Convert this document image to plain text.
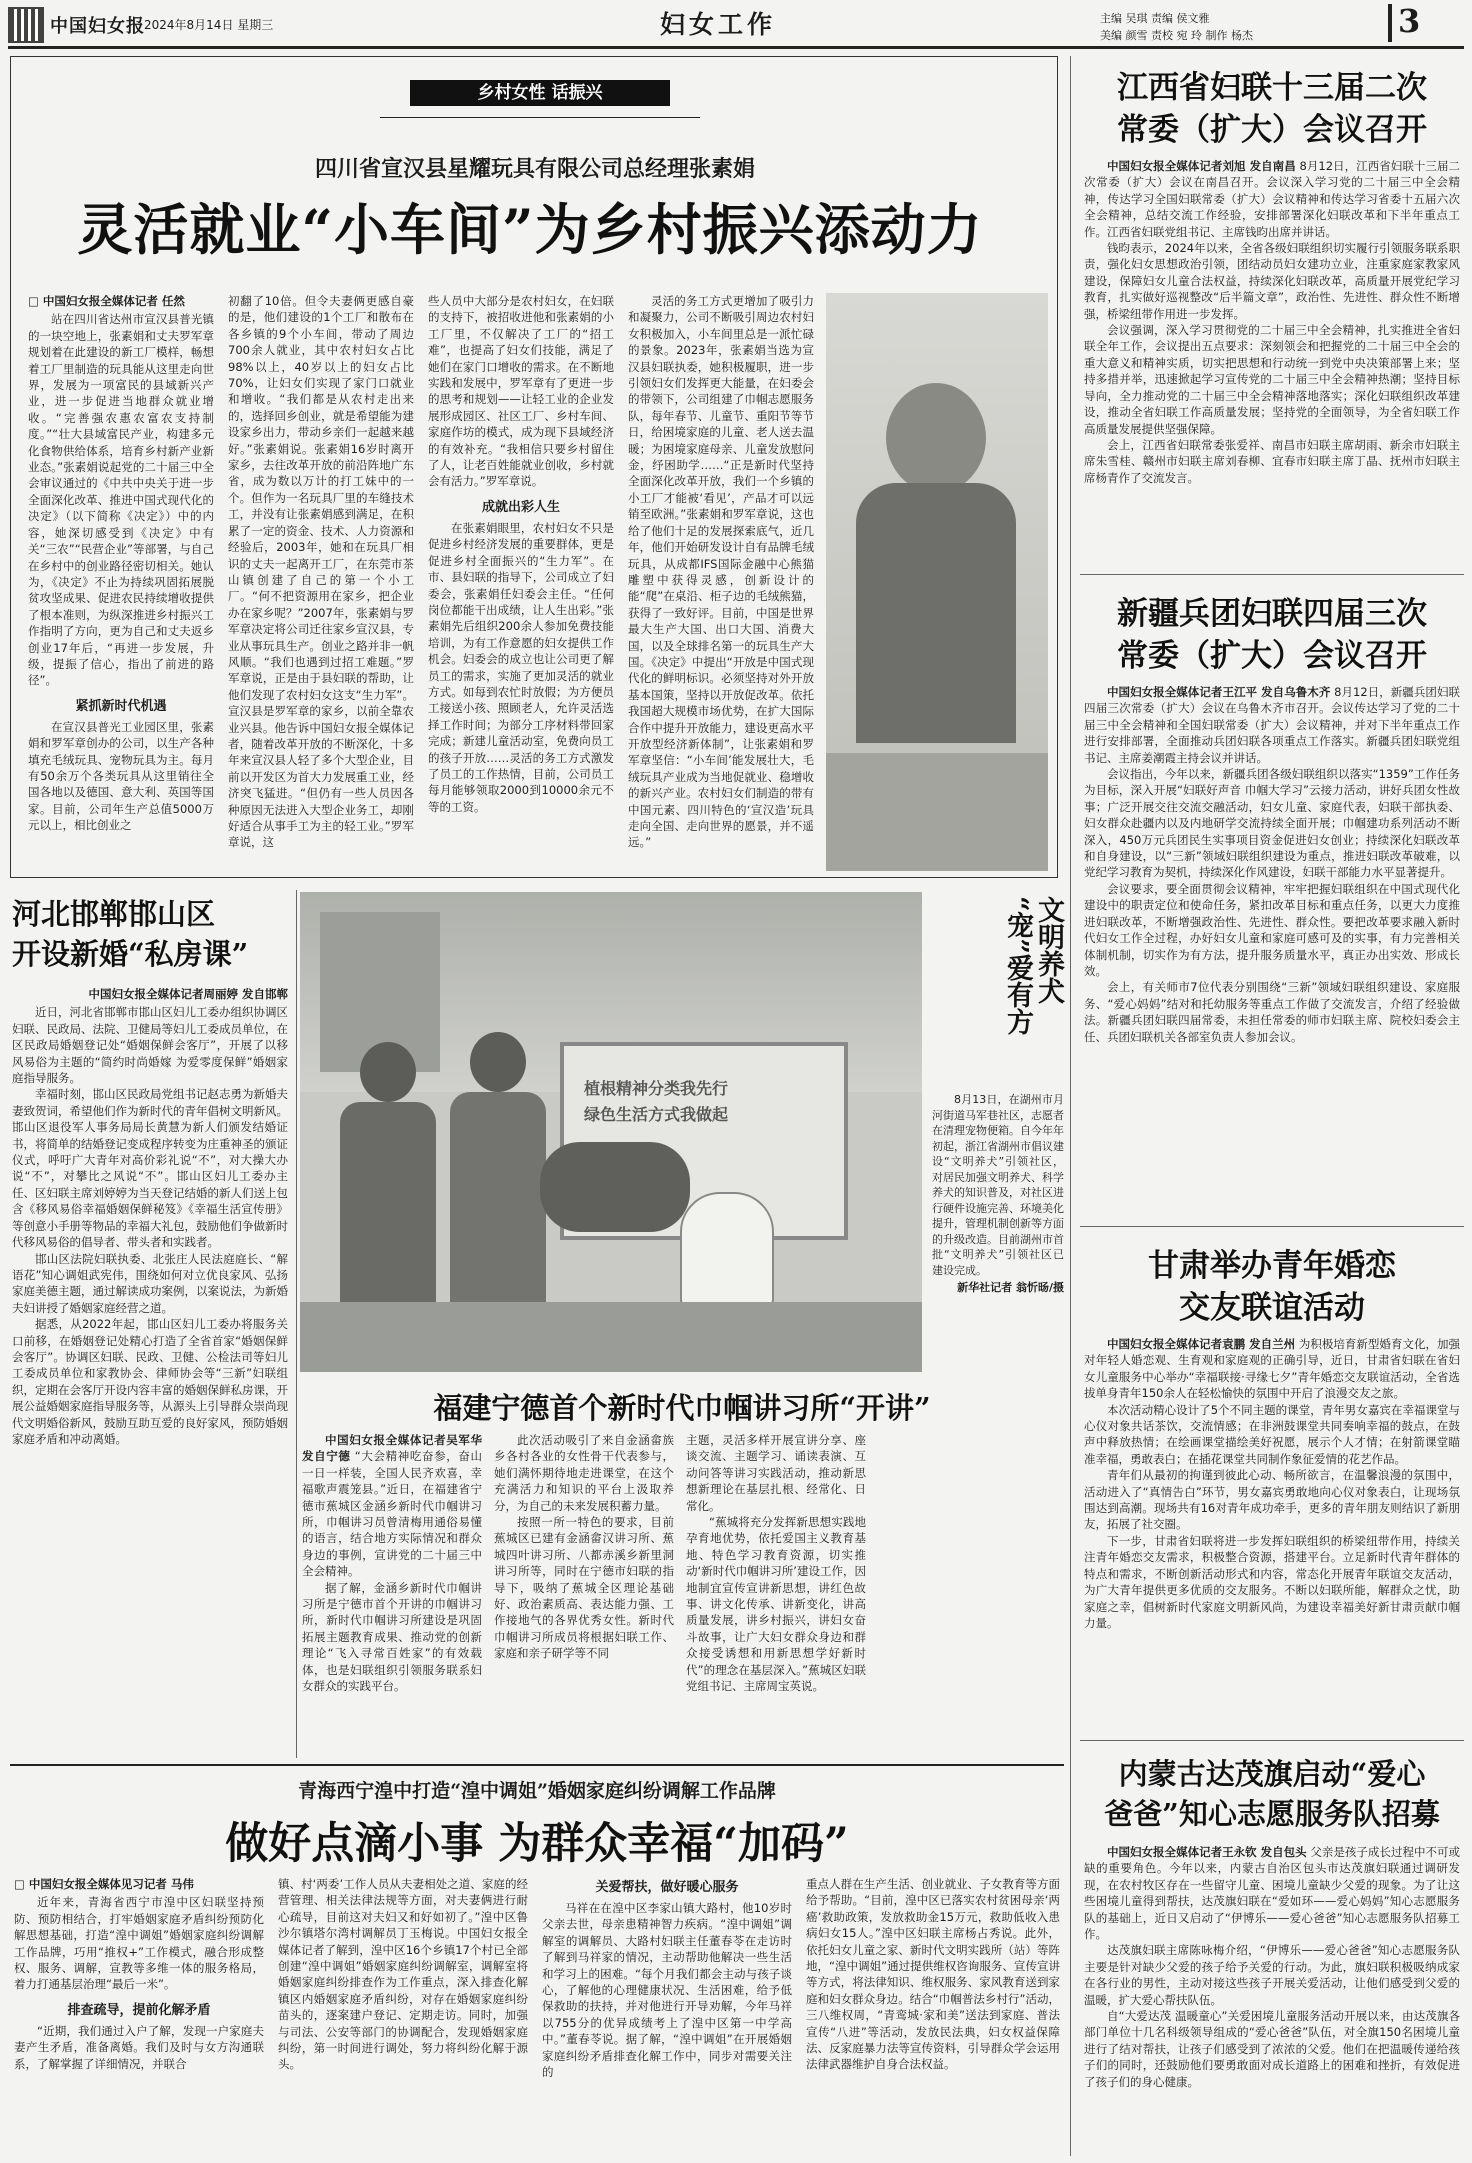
中国妇女报 2024年8月14日 星期三	妇女工作	主编 吴琪 责编 侯文雅
美编 颜雪 责校 宛 玲 制作 杨杰	3
乡村女性 话振兴
四川省宣汉县星耀玩具有限公司总经理张素娟
灵活就业“小车间”为乡村振兴添动力

□ 中国妇女报全媒体记者 任然

站在四川省达州市宣汉县普光镇的一块空地上，张素娟和丈夫罗军章规划着在此建设的新工厂模样，畅想着工厂里制造的玩具能从这里走向世界，发展为一项富民的县域新兴产业，进一步促进当地群众就业增收。“完善强农惠农富农支持制度。”“壮大县域富民产业，构建多元化食物供给体系，培育乡村新产业新业态。”张素娟说起党的二十届三中全会审议通过的《中共中央关于进一步全面深化改革、推进中国式现代化的决定》（以下简称《决定》）中的内容，她深切感受到《决定》中有关“三农”“民营企业”等部署，与自己在乡村中的创业路径密切相关。她认为，《决定》不止为持续巩固拓展脱贫攻坚成果、促进农民持续增收提供了根本准则，为纵深推进乡村振兴工作指明了方向，更为自己和丈夫返乡创业17年后，“再进一步发展，升级，提振了信心，指出了前进的路径”。

紧抓新时代机遇

在宣汉县普光工业园区里，张素娟和罗军章创办的公司，以生产各种填充毛绒玩具、宠物玩具为主。每月有50余万个各类玩具从这里销往全国各地以及德国、意大利、英国等国家。目前，公司年生产总值5000万元以上，相比创业之

初翻了10倍。但令夫妻俩更感自豪的是，他们建设的1个工厂和散布在各乡镇的9个小车间，带动了周边700余人就业，其中农村妇女占比98%以上，40岁以上的妇女占比70%，让妇女们实现了家门口就业和增收。“我们都是从农村走出来的，选择回乡创业，就是希望能为建设家乡出力，带动乡亲们一起越来越好。”张素娟说。张素娟16岁时离开家乡，去往改革开放的前沿阵地广东省，成为数以万计的打工妹中的一个。但作为一名玩具厂里的车缝技术工，并没有让张素娟感到满足，在积累了一定的资金、技术、人力资源和经验后，2003年，她和在玩具厂相识的丈夫一起离开工厂，在东莞市茶山镇创建了自己的第一个小工厂。“何不把资源用在家乡，把企业办在家乡呢？”2007年，张素娟与罗军章决定将公司迁往家乡宣汉县，专业从事玩具生产。创业之路并非一帆风顺。“我们也遇到过招工难题。”罗军章说，正是由于县妇联的帮助，让他们发现了农村妇女这支“生力军”。宣汉县是罗军章的家乡，以前全靠农业兴县。他告诉中国妇女报全媒体记者，随着改革开放的不断深化，十多年来宣汉县人轻了多个大型企业，目前以开发区为首大力发展重工业，经济突飞猛进。“但仍有一些人员因各种原因无法进入大型企业务工，却刚好适合从事手工为主的轻工业。”罗军章说，这

些人员中大部分是农村妇女，在妇联的支持下，被招收进他和张素娟的小工厂里，不仅解决了工厂的“招工难”，也提高了妇女们技能，满足了她们在家门口增收的需求。在不断地实践和发展中，罗军章有了更进一步的思考和规划——让轻工业的企业发展形成园区、社区工厂、乡村车间、家庭作坊的模式，成为现下县域经济的有效补充。“我相信只要乡村留住了人，让老百姓能就业创收，乡村就会有活力。”罗军章说。

成就出彩人生

在张素娟眼里，农村妇女不只是促进乡村经济发展的重要群体，更是促进乡村全面振兴的“生力军”。在市、县妇联的指导下，公司成立了妇委会，张素娟任妇委会主任。“任何岗位都能干出成绩，让人生出彩。”张素娟先后组织200余人参加免费技能培训，为有工作意愿的妇女提供工作机会。妇委会的成立也让公司更了解员工的需求，实施了更加灵活的就业方式。如每到农忙时放假；为方便员工接送小孩、照顾老人，允许灵活选择工作时间；为部分工序材料带回家完成；新建儿童活动室，免费向员工的孩子开放……灵活的务工方式激发了员工的工作热情，目前，公司员工每月能够领取2000到10000余元不等的工资。

灵活的务工方式更增加了吸引力和凝聚力，公司不断吸引周边农村妇女积极加入，小车间里总是一派忙碌的景象。2023年，张素娟当选为宣汉县妇联执委，她积极履职，进一步引领妇女们发挥更大能量，在妇委会的带领下，公司组建了巾帼志愿服务队，每年春节、儿童节、重阳节等节日，给困境家庭的儿童、老人送去温暖；为困境家庭母亲、儿童发放慰问金，纾困助学……“正是新时代坚持全面深化改革开放，我们一个乡镇的小工厂才能被‘看见’，产品才可以远销至欧洲。”张素娟和罗军章说，这也给了他们十足的发展探索底气，近几年，他们开始研发设计自有品牌毛绒玩具，从成都IFS国际金融中心熊猫雕塑中获得灵感，创新设计的能“爬”在桌沿、柜子边的毛绒熊猫，获得了一致好评。目前，中国是世界最大生产大国、出口大国、消费大国，以及全球排名第一的玩具生产大国。《决定》中提出“开放是中国式现代化的鲜明标识。必须坚持对外开放基本国策，坚持以开放促改革。依托我国超大规模市场优势，在扩大国际合作中提升开放能力，建设更高水平开放型经济新体制”，让张素娟和罗军章坚信：“小车间’能发展壮大，毛绒玩具产业成为当地促就业、稳增收的新兴产业。农村妇女们制造的带有中国元素、四川特色的‘宣汉造’玩具走向全国、走向世界的愿景，并不遥远。”

江西省妇联十三届二次
常委（扩大）会议召开

中国妇女报全媒体记者刘旭 发自南昌 8月12日，江西省妇联十三届二次常委（扩大）会议在南昌召开。会议深入学习党的二十届三中全会精神，传达学习全国妇联常委（扩大）会议精神和传达学习省委十五届六次全会精神，总结交流工作经验，安排部署深化妇联改革和下半年重点工作。江西省妇联党组书记、主席钱昀出席并讲话。

钱昀表示，2024年以来，全省各级妇联组织切实履行引领服务联系职责，强化妇女思想政治引领，团结动员妇女建功立业，注重家庭家教家风建设，保障妇女儿童合法权益，持续深化妇联改革，高质量开展党纪学习教育，扎实做好巡视整改“后半篇文章”，政治性、先进性、群众性不断增强，桥梁纽带作用进一步发挥。

会议强调，深入学习贯彻党的二十届三中全会精神，扎实推进全省妇联全年工作，会议提出五点要求：深刻领会和把握党的二十届三中全会的重大意义和精神实质，切实把思想和行动统一到党中央决策部署上来；坚持多措并举，迅速掀起学习宣传党的二十届三中全会精神热潮；坚持目标导向，全力推动党的二十届三中全会精神落地落实；深化妇联组织改革建设，推动全省妇联工作高质量发展；坚持党的全面领导，为全省妇联工作高质量发展提供坚强保障。

会上，江西省妇联常委张爱祥、南昌市妇联主席胡雨、新余市妇联主席朱雪桂、赣州市妇联主席刘春柳、宜春市妇联主席丁晶、抚州市妇联主席杨青作了交流发言。

新疆兵团妇联四届三次
常委（扩大）会议召开

中国妇女报全媒体记者王江平 发自乌鲁木齐 8月12日，新疆兵团妇联四届三次常委（扩大）会议在乌鲁木齐市召开。会议传达学习了党的二十届三中全会精神和全国妇联常委（扩大）会议精神，并对下半年重点工作进行安排部署，全面推动兵团妇联各项重点工作落实。新疆兵团妇联党组书记、主席姜潮霞主持会议并讲话。

会议指出，今年以来，新疆兵团各级妇联组织以落实“1359”工作任务为目标，深入开展“妇联好声音 巾帼大学习”云接力活动，讲好兵团女性故事；广泛开展交往交流交融活动，妇女儿童、家庭代表，妇联干部执委、妇女群众赴疆内以及内地研学交流持续全面开展；巾帼建功系列活动不断深入，450万元兵团民生实事项目资金促进妇女创业；持续深化妇联改革和自身建设，以“三新”领域妇联组织建设为重点，推进妇联改革破难，以党纪学习教育为契机，持续深化作风建设，妇联干部能力水平显著提升。

会议要求，要全面贯彻会议精神，牢牢把握妇联组织在中国式现代化建设中的职责定位和使命任务，紧扣改革目标和重点任务，以更大力度推进妇联改革，不断增强政治性、先进性、群众性。要把改革要求融入新时代妇女工作全过程，办好妇女儿童和家庭可感可及的实事，有力完善相关体制机制，切实作为有方法，提升服务质量水平，真正办出实效、形成长效。

会上，有关师市7位代表分别围绕“三新”领域妇联组织建设、家庭服务、“爱心妈妈”结对和托幼服务等重点工作做了交流发言，介绍了经验做法。新疆兵团妇联四届常委，未担任常委的师市妇联主席、院校妇委会主任、兵团妇联机关各部室负责人参加会议。

甘肃举办青年婚恋
交友联谊活动

中国妇女报全媒体记者袁鹏 发自兰州 为积极培育新型婚育文化，加强对年轻人婚恋观、生育观和家庭观的正确引导，近日，甘肃省妇联在省妇女儿童服务中心举办“幸福联接·寻缘七夕”青年婚恋交友联谊活动，全省选拔单身青年150余人在轻松愉快的氛围中开启了浪漫交友之旅。

本次活动精心设计了5个不同主题的课堂，青年男女嘉宾在幸福课堂与心仪对象共话茶饮，交流情感；在非洲鼓课堂共同奏响幸福的鼓点，在鼓声中释放热情；在绘画课堂描绘美好祝愿，展示个人才情；在射箭课堂瞄准幸福，勇敢表白；在插花课堂共同制作象征爱情的花艺作品。

青年们从最初的拘谨到彼此心动、畅所欲言，在温馨浪漫的氛围中，活动进入了“真情告白”环节，男女嘉宾勇敢地向心仪对象表白，让现场氛围达到高潮。现场共有16对青年成功牵手，更多的青年朋友则结识了新朋友，拓展了社交圈。

下一步，甘肃省妇联将进一步发挥妇联组织的桥梁纽带作用，持续关注青年婚恋交友需求，积极整合资源，搭建平台。立足新时代青年群体的特点和需求，不断创新活动形式和内容，常态化开展青年联谊交友活动，为广大青年提供更多优质的交友服务。不断以妇联所能，解群众之忧，助家庭之幸，倡树新时代家庭文明新风尚，为建设幸福美好新甘肃贡献巾帼力量。

内蒙古达茂旗启动“爱心
爸爸”知心志愿服务队招募

中国妇女报全媒体记者王永钦 发自包头 父亲是孩子成长过程中不可或缺的重要角色。今年以来，内蒙古自治区包头市达茂旗妇联通过调研发现，在农村牧区存在一些留守儿童、困境儿童缺少父爱的现象。为了让这些困境儿童得到帮扶，达茂旗妇联在“爱如环——爱心妈妈”知心志愿服务队的基础上，近日又启动了“伊博乐——爱心爸爸”知心志愿服务队招募工作。

达茂旗妇联主席陈咏梅介绍，“伊博乐——爱心爸爸”知心志愿服务队主要是针对缺少父爱的孩子给予关爱的行动。为此，旗妇联积极吸纳成家在各行业的男性，主动对接这些孩子开展关爱活动，让他们感受到父爱的温暖，扩大爱心帮扶队伍。

自“大爱达茂 温暖童心”关爱困境儿童服务活动开展以来，由达茂旗各部门单位十几名科级领导组成的“爱心爸爸”队伍，对全旗150名困境儿童进行了结对帮扶，让孩子们感受到了浓浓的父爱。他们在把温暖传递给孩子们的同时，还鼓励他们要勇敢面对成长道路上的困难和挫折，有效促进了孩子们的身心健康。

河北邯郸邯山区
开设新婚“私房课”

中国妇女报全媒体记者周丽婷 发自邯郸

近日，河北省邯郸市邯山区妇儿工委办组织协调区妇联、民政局、法院、卫健局等妇儿工委成员单位，在区民政局婚姻登记处“婚姻保鲜会客厅”，开展了以移风易俗为主题的“简约时尚婚嫁 为爱零度保鲜”婚姻家庭指导服务。

幸福时刻，邯山区民政局党组书记赵志勇为新婚夫妻致贺词，希望他们作为新时代的青年倡树文明新风。邯山区退役军人事务局局长黄慧为新人们颁发结婚证书，将简单的结婚登记变成程序转变为庄重神圣的颁证仪式，呼吁广大青年对高价彩礼说“不”，对大操大办说“不”，对攀比之风说“不”。邯山区妇儿工委办主任、区妇联主席刘婷婷为当天登记结婚的新人们送上包含《移风易俗幸福婚姻保鲜秘笈》《幸福生活宣传册》等创意小手册等物品的幸福大礼包，鼓励他们争做新时代移风易俗的倡导者、带头者和实践者。

邯山区法院妇联执委、北张庄人民法庭庭长、“解语花”知心调姐武宪伟，围绕如何对立优良家风、弘扬家庭美德主题，通过解读成功案例，以案说法，为新婚夫妇讲授了婚姻家庭经营之道。

据悉，从2022年起，邯山区妇儿工委办将服务关口前移，在婚姻登记处精心打造了全省首家“婚姻保鲜会客厅”。协调区妇联、民政、卫健、公检法司等妇儿工委成员单位和家教协会、律师协会等“三新”妇联组织，定期在会客厅开设内容丰富的婚姻保鲜私房课，开展公益婚姻家庭指导服务等，从源头上引导群众崇尚现代文明婚俗新风，鼓励互助互爱的良好家风，预防婚姻家庭矛盾和冲动离婚。

植根精神分类我先行
绿色生活方式我做起
文明养犬 “宠”爱有方

8月13日，在湖州市月河街道马军巷社区，志愿者在清理宠物便箱。自今年年初起，浙江省湖州市倡议建设“文明养犬”引领社区，对居民加强文明养犬、科学养犬的知识普及，对社区进行硬件设施完善、环境美化提升，管理机制创新等方面的升级改造。目前湖州市首批“文明养犬”引领社区已建设完成。

新华社记者 翁忻旸/摄

福建宁德首个新时代巾帼讲习所“开讲”

中国妇女报全媒体记者吴军华 发自宁德 “大会精神吃奋参，奋山一日一样装，全国人民齐欢喜，幸福歌声震笼县。”近日，在福建省宁德市蕉城区金涵乡新时代巾帼讲习所，巾帼讲习员曾清梅用通俗易懂的语言，结合地方实际情况和群众身边的事例，宣讲党的二十届三中全会精神。

据了解，金涵乡新时代巾帼讲习所是宁德市首个开讲的巾帼讲习所，新时代巾帼讲习所建设是巩固拓展主题教育成果、推动党的创新理论“飞入寻常百姓家”的有效载体，也是妇联组织引领服务联系妇女群众的实践平台。

此次活动吸引了来自金涵畲族乡各村各业的女性骨干代表参与，她们满怀期待地走进课堂，在这个充满活力和知识的平台上汲取养分，为自己的未来发展积蓄力量。

按照一所一特色的要求，目前蕉城区已建有金涵畲汉讲习所、蕉城四叶讲习所、八都赤溪乡新里洞讲习所等，同时在宁德市妇联的指导下，吸纳了蕉城全区理论基础好、政治素质高、表达能力强、工作接地气的各界优秀女性。新时代巾帼讲习所成员将根据妇联工作、家庭和亲子研学等不同

主题，灵活多样开展宣讲分享、座谈交流、主题学习、诵读表演、互动问答等讲习实践活动，推动新思想新理论在基层扎根、经常化、日常化。

“蕉城将充分发挥新思想实践地孕育地优势，依托爱国主义教育基地、特色学习教育资源，切实推动‘新时代巾帼讲习所’建设工作，因地制宜宣传宣讲新思想，讲红色故事、讲文化传承、讲新变化，讲高质量发展，讲乡村振兴，讲妇女奋斗故事，让广大妇女群众身边和群众接受诱想和用新思想学好新时代”的理念在基层深入。”蕉城区妇联党组书记、主席周宝英说。

青海西宁湟中打造“湟中调姐”婚姻家庭纠纷调解工作品牌
做好点滴小事 为群众幸福“加码”

□ 中国妇女报全媒体见习记者 马伟

近年来，青海省西宁市湟中区妇联坚持预防、预防相结合，打牢婚姻家庭矛盾纠纷预防化解思想基础，打造“湟中调姐”婚姻家庭纠纷调解工作品牌，巧用“推权+”工作模式，融合形成整权、服务、调解，宣教等多维一体的服务格局，着力打通基层治理“最后一米”。

排查疏导，提前化解矛盾

“近期，我们通过入户了解，发现一户家庭夫妻产生矛盾，准备离婚。我们及时与女方沟通联系，了解掌握了详细情况，并联合

镇、村‘两委’工作人员从夫妻相处之道、家庭的经营管理、相关法律法规等方面，对夫妻俩进行耐心疏导，目前这对夫妇又和好如初了。”湟中区鲁沙尔镇塔尔湾村调解员丁玉梅说。中国妇女报全媒体记者了解到，湟中区16个乡镇17个村已全部创建“湟中调姐”婚姻家庭纠纷调解室，调解室将婚姻家庭纠纷排查作为工作重点，深入排查化解镇区内婚姻家庭矛盾纠纷，对存在婚姻家庭纠纷苗头的，逐案建户登记、定期走访。同时，加强与司法、公安等部门的协调配合，发现婚姻家庭纠纷，第一时间进行调处，努力将纠纷化解于源头。

关爱帮扶，做好暖心服务

马祥在在湟中区李家山镇大路村，他10岁时父亲去世，母亲患精神智力疾病。“湟中调姐”调解室的调解员、大路村妇联主任董春苓在走访时了解到马祥家的情况，主动帮助他解决一些生活和学习上的困难。“每个月我们都会主动与孩子谈心，了解他的心理健康状况、生活困难，给予低保救助的扶持，并对他进行开导劝解，今年马祥以755分的优异成绩考上了湟中区第一中学高中。”董春苓说。据了解，“湟中调姐”在开展婚姻家庭纠纷矛盾排查化解工作中，同步对需要关注的

重点人群在生产生活、创业就业、子女教育等方面给予帮助。“目前，湟中区已落实农村贫困母亲‘两癌’救助政策，发放救助金15万元，救助低收入患病妇女15人。”湟中区妇联主席杨占秀说。此外，依托妇女儿童之家、新时代文明实践所（站）等阵地，“湟中调姐”通过提供维权咨询服务、宣传宣讲等方式，将法律知识、维权服务、家风教育送到家庭和妇女群众身边。结合“巾帼普法乡村行”活动，三八维权周，“青鸾城·家和美”送法到家庭、普法宣传“八进”等活动，发放民法典，妇女权益保障法、反家庭暴力法等宣传资料，引导群众学会运用法律武器维护自身合法权益。
